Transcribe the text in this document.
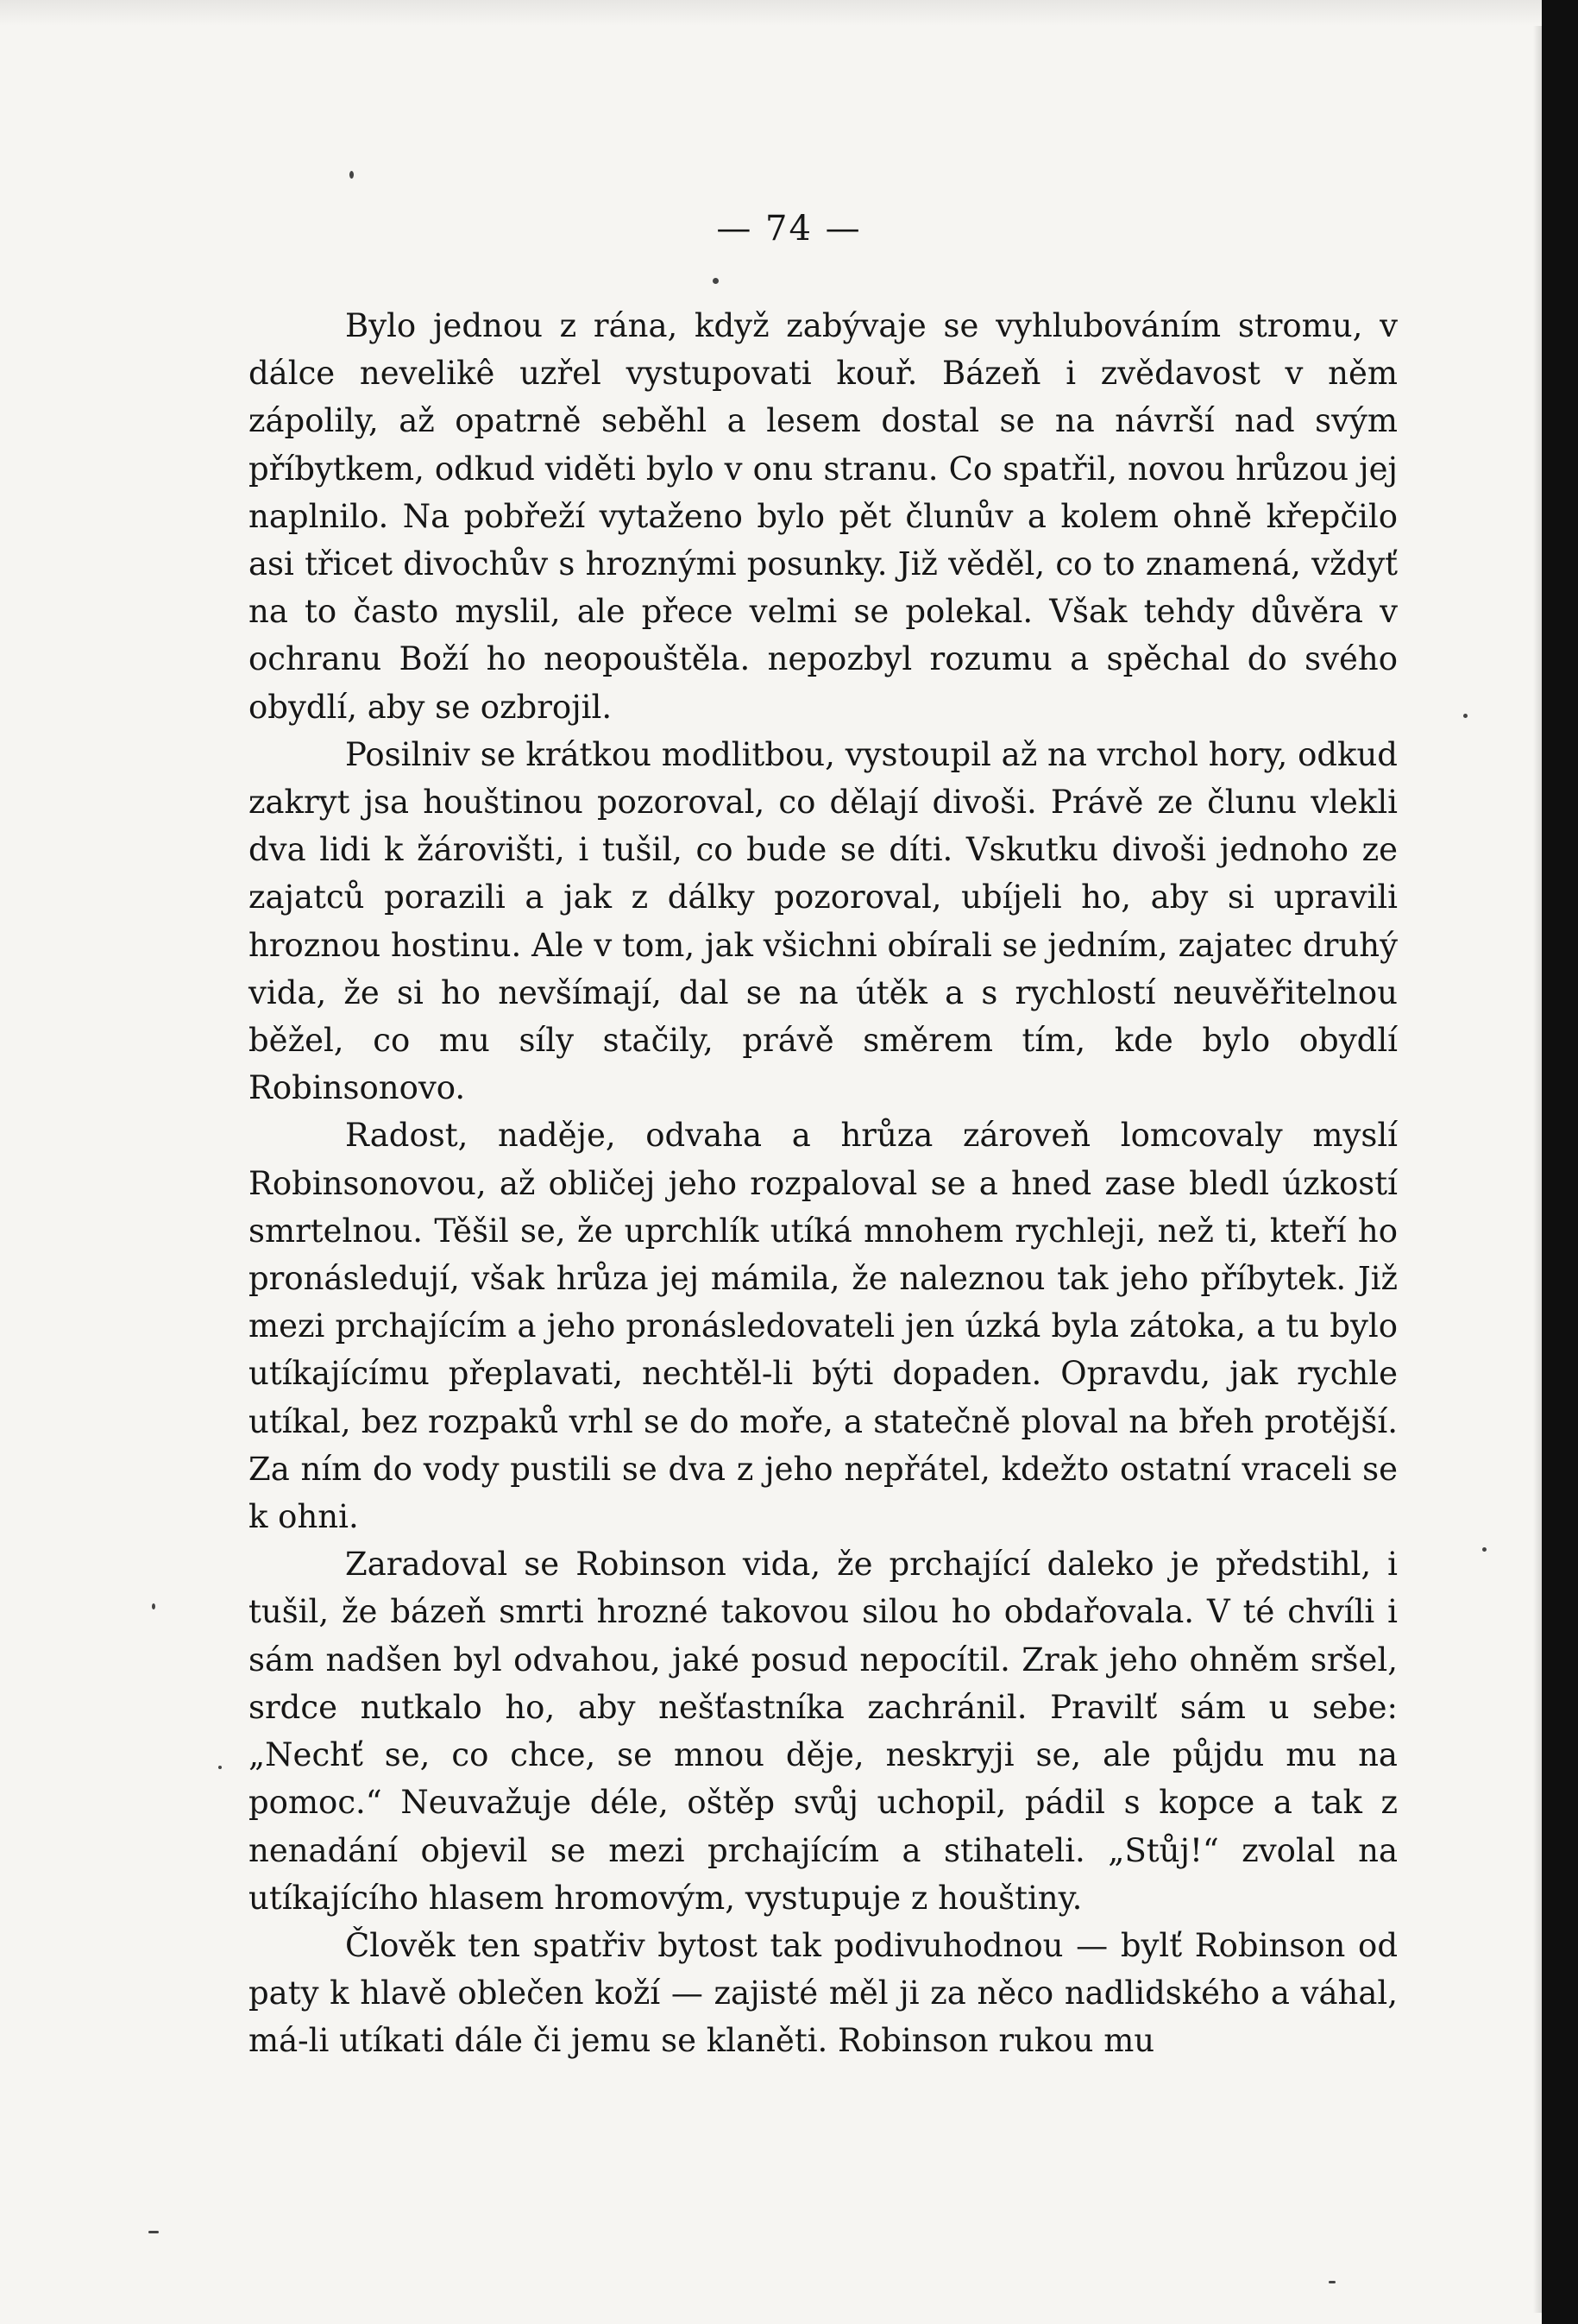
— 74 —

Bylo jednou z rána, když zabývaje se vyhlubováním stromu, v dálce nevelikê uzřel vystupovati kouř. Bázeň i zvědavost v něm zápolily, až opatrně seběhl a lesem dostal se na návrší nad svým příbytkem, odkud viděti bylo v onu stranu. Co spatřil, novou hrůzou jej naplnilo. Na pobřeží vytaženo bylo pět člunův a kolem ohně křepčilo asi třicet divochův s hroznými posunky. Již věděl, co to znamená, vždyť na to často myslil, ale přece velmi se polekal. Však tehdy důvěra v ochranu Boží ho neopouštěla. nepozbyl rozumu a spěchal do svého obydlí, aby se ozbrojil.

Posilniv se krátkou modlitbou, vystoupil až na vrchol hory, odkud zakryt jsa houštinou pozoroval, co dělají divoši. Právě ze člunu vlekli dva lidi k žárovišti, i tušil, co bude se díti. Vskutku divoši jednoho ze zajatců porazili a jak z dálky pozoroval, ubíjeli ho, aby si upravili hroznou hostinu. Ale v tom, jak všichni obírali se jedním, zajatec druhý vida, že si ho nevšímají, dal se na útěk a s rychlostí neuvěřitelnou běžel, co mu síly stačily, právě směrem tím, kde bylo obydlí Robinsonovo.

Radost, naděje, odvaha a hrůza zároveň lomcovaly myslí Robinsonovou, až obličej jeho rozpaloval se a hned zase bledl úzkostí smrtelnou. Těšil se, že uprchlík utíká mnohem rychleji, než ti, kteří ho pronásledují, však hrůza jej mámila, že naleznou tak jeho příbytek. Již mezi prchajícím a jeho pronásledovateli jen úzká byla zátoka, a tu bylo utíkajícímu přeplavati, nechtěl-li býti dopaden. Opravdu, jak rychle utíkal, bez rozpaků vrhl se do moře, a statečně ploval na břeh protější. Za ním do vody pustili se dva z jeho nepřátel, kdežto ostatní vraceli se k ohni.

Zaradoval se Robinson vida, že prchající daleko je předstihl, i tušil, že bázeň smrti hrozné takovou silou ho obdařovala. V té chvíli i sám nadšen byl odvahou, jaké posud nepocítil. Zrak jeho ohněm sršel, srdce nutkalo ho, aby nešťastníka zachránil. Pravilť sám u sebe: „Nechť se, co chce, se mnou děje, neskryji se, ale půjdu mu na pomoc.“ Neuvažuje déle, oštěp svůj uchopil, pádil s kopce a tak z nenadání objevil se mezi prchajícím a stihateli. „Stůj!“ zvolal na utíkajícího hlasem hromovým, vystupuje z houštiny.

Člověk ten spatřiv bytost tak podivuhodnou — bylť Robinson od paty k hlavě oblečen koží — zajisté měl ji za něco nadlidského a váhal, má-li utíkati dále či jemu se klaněti. Robinson rukou mu
